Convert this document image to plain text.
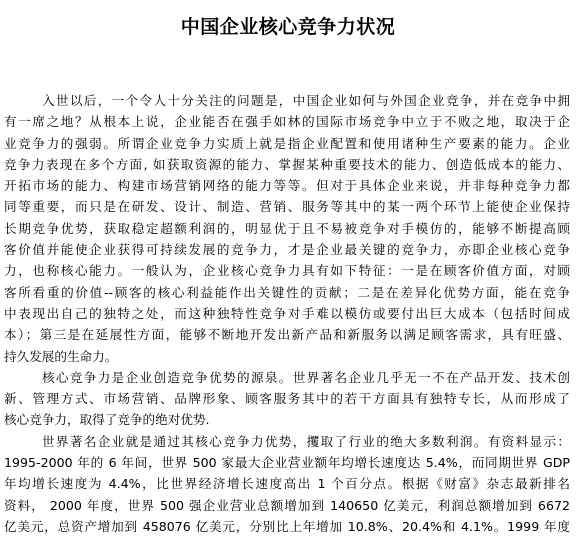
中国企业核心竞争力状况
入世以后，一个令人十分关注的问题是，中国企业如何与外国企业竞争，并在竞争中拥
有一席之地？从根本上说，企业能否在强手如林的国际市场竞争中立于不败之地，取决于企
业竞争力的强弱。所谓企业竞争力实质上就是指企业配置和使用诸种生产要素的能力。企业
竞争力表现在多个方面, 如获取资源的能力、掌握某种重要技术的能力、创造低成本的能力、
开拓市场的能力、构建市场营销网络的能力等等。但对于具体企业来说，并非每种竞争力都
同等重要，而只是在研发、设计、制造、营销、服务等其中的某一两个环节上能使企业保持
长期竞争优势，获取稳定超额利润的，明显优于且不易被竞争对手模仿的，能够不断提高顾
客价值并能使企业获得可持续发展的竞争力，才是企业最关键的竞争力，亦即企业核心竞争
力，也称核心能力。一般认为，企业核心竞争力具有如下特征：一是在顾客价值方面，对顾
客所看重的价值--顾客的核心利益能作出关键性的贡献；二是在差异化优势方面，能在竞争
中表现出自己的独特之处，而这种独特性竞争对手难以模仿或要付出巨大成本（包括时间成
本）；第三是在延展性方面，能够不断地开发出新产品和新服务以满足顾客需求，具有旺盛、
持久发展的生命力。
核心竞争力是企业创造竞争优势的源泉。世界著名企业几乎无一不在产品开发、技术创
新、管理方式、市场营销、品牌形象、顾客服务其中的若干方面具有独特专长，从而形成了
核心竞争力，取得了竞争的绝对优势.
世界著名企业就是通过其核心竞争力优势，攫取了行业的绝大多数利润。有资料显示：
1995-2000 年的 6 年间，世界 500 家最大企业营业额年均增长速度达 5.4%，而同期世界 GDP
年均增长速度为 4.4%，比世界经济增长速度高出 1 个百分点。根据《财富》杂志最新排名
资料， 2000 年度，世界 500 强企业营业总额增加到 140650 亿美元，利润总额增加到 6672
亿美元，总资产增加到 458076 亿美元，分别比上年增加 10.8%、20.4%和 4.1%。1999 年度
